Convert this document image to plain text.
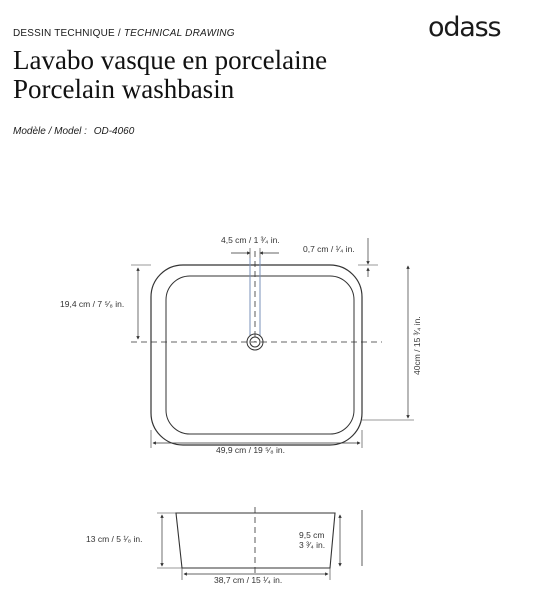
DESSIN TECHNIQUE / TECHNICAL DRAWING	odass
Lavabo vasque en porcelaine
Porcelain washbasin
Modèle / Model : OD-4060
4,5 cm / 1 ³⁄₄ in.
0,7 cm / ¹⁄₄ in.
19,4 cm / 7 ⁵⁄₈ in.
40cm / 15 ³⁄₄ in.
49,9 cm / 19 ⁵⁄₈ in.
13 cm / 5 ¹⁄₈ in.	9,5 cm
3 ³⁄₄ in.
38,7 cm / 15 ¹⁄₄ in.
